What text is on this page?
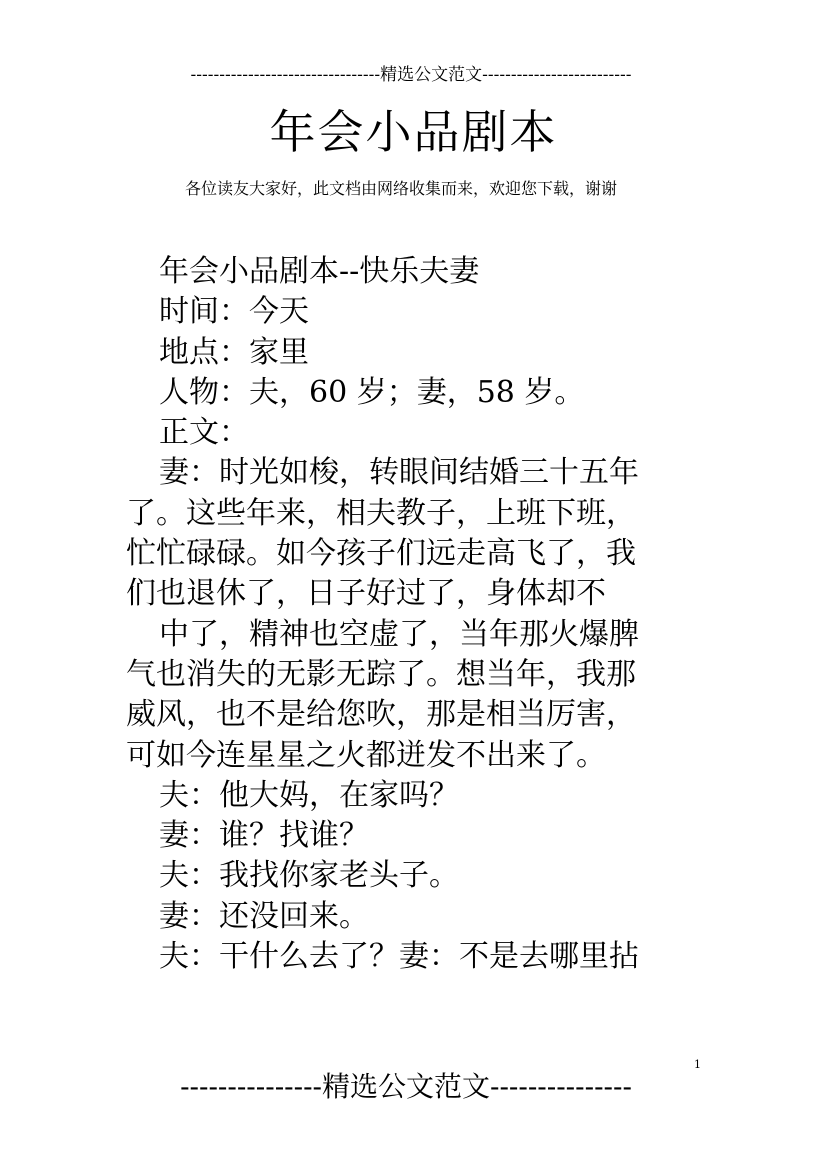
---------------------------------精选公文范文--------------------------
年会小品剧本
各位读友大家好，此文档由网络收集而来，欢迎您下载，谢谢
年会小品剧本--快乐夫妻
时间：今天
地点：家里
人物：夫，60 岁；妻，58 岁。
正文：
妻：时光如梭，转眼间结婚三十五年
了。这些年来，相夫教子，上班下班，
忙忙碌碌。如今孩子们远走高飞了，我
们也退休了，日子好过了，身体却不
中了，精神也空虚了，当年那火爆脾
气也消失的无影无踪了。想当年，我那
威风，也不是给您吹，那是相当厉害，
可如今连星星之火都迸发不出来了。
夫：他大妈，在家吗？
妻：谁？找谁？
夫：我找你家老头子。
妻：还没回来。
夫：干什么去了？妻：不是去哪里拈
1
---------------精选公文范文---------------
